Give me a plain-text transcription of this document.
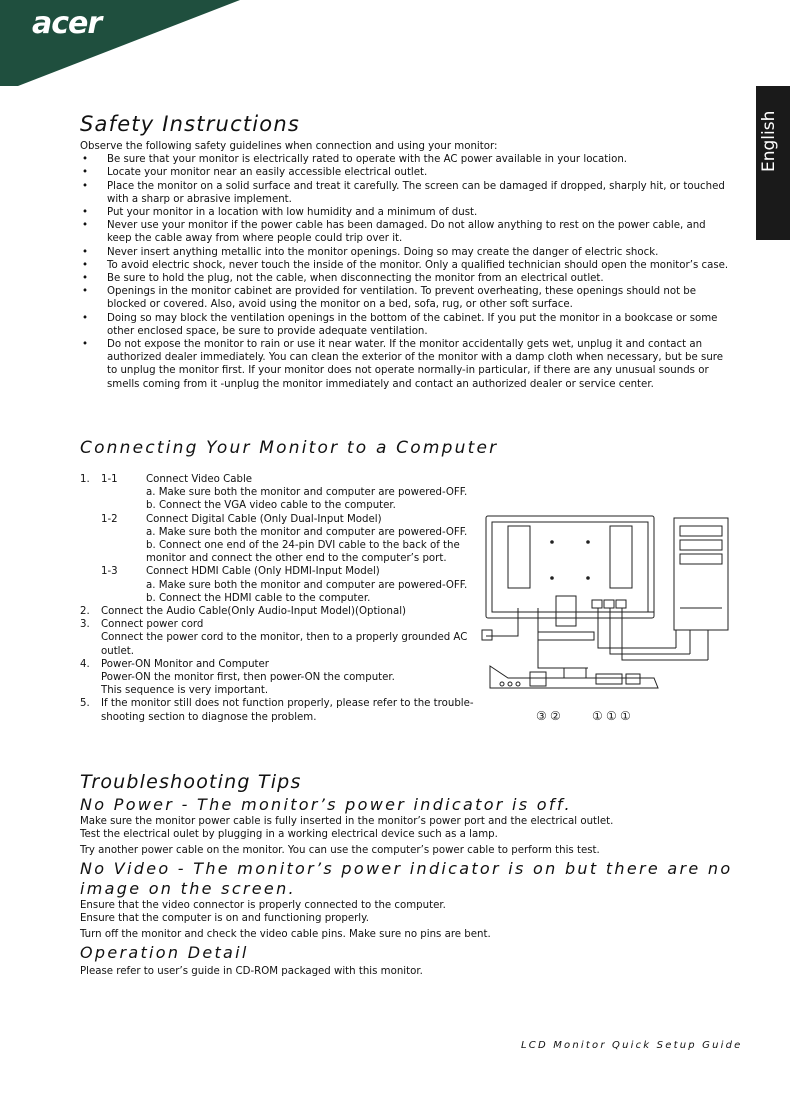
acer
English
Safety Instructions
Observe the following safety guidelines when connection and using your monitor:
• Be sure that your monitor is electrically rated to operate with the AC power available in your location.
• Locate your monitor near an easily accessible electrical outlet.
• Place the monitor on a solid surface and treat it carefully. The screen can be damaged if dropped, sharply hit, or touched with a sharp or abrasive implement.
• Put your monitor in a location with low humidity and a minimum of dust.
• Never use your monitor if the power cable has been damaged. Do not allow anything to rest on the power cable, and keep the cable away from where people could trip over it.
• Never insert anything metallic into the monitor openings. Doing so may create the danger of electric shock.
• To avoid electric shock, never touch the inside of the monitor. Only a qualified technician should open the monitor’s case.
• Be sure to hold the plug, not the cable, when disconnecting the monitor from an electrical outlet.
• Openings in the monitor cabinet are provided for ventilation. To prevent overheating, these openings should not be blocked or covered. Also, avoid using the monitor on a bed, sofa, rug, or other soft surface.
• Doing so may block the ventilation openings in the bottom of the cabinet. If you put the monitor in a bookcase or some other enclosed space, be sure to provide adequate ventilation.
• Do not expose the monitor to rain or use it near water. If the monitor accidentally gets wet, unplug it and contact an authorized dealer immediately. You can clean the exterior of the monitor with a damp cloth when necessary, but be sure to unplug the monitor first. If your monitor does not operate normally-in particular, if there are any unusual sounds or smells coming from it -unplug the monitor immediately and contact an authorized dealer or service center.
Connecting Your Monitor to a Computer
1. 1-1	Connect Video Cable
a. Make sure both the monitor and computer are powered-OFF.
b. Connect the VGA video cable to the computer.
1-2	Connect Digital Cable (Only Dual-Input Model)
a. Make sure both the monitor and computer are powered-OFF.
b. Connect one end of the 24-pin DVI cable to the back of the
monitor and connect the other end to the computer’s port.
1-3	Connect HDMI Cable (Only HDMI-Input Model)
a. Make sure both the monitor and computer are powered-OFF.
b. Connect the HDMI cable to the computer.
2. Connect the Audio Cable(Only Audio-Input Model)(Optional)
3. Connect power cord
Connect the power cord to the monitor, then to a properly grounded AC
outlet.
4. Power-ON Monitor and Computer
Power-ON the monitor first, then power-ON the computer.
This sequence is very important.
5. If the monitor still does not function properly, please refer to the trouble-
shooting section to diagnose the problem.	③ ②	① ① ①
Troubleshooting Tips
No Power - The monitor’s power indicator is off.
Make sure the monitor power cable is fully inserted in the monitor’s power port and the electrical outlet.
Test the electrical oulet by plugging in a working electrical device such as a lamp.
Try another power cable on the monitor. You can use the computer’s power cable to perform this test.
No Video - The monitor’s power indicator is on but there are no
image on the screen.
Ensure that the video connector is properly connected to the computer.
Ensure that the computer is on and functioning properly.
Turn off the monitor and check the video cable pins. Make sure no pins are bent.
Operation Detail
Please refer to user’s guide in CD-ROM packaged with this monitor.
LCD Monitor Quick Setup Guide
